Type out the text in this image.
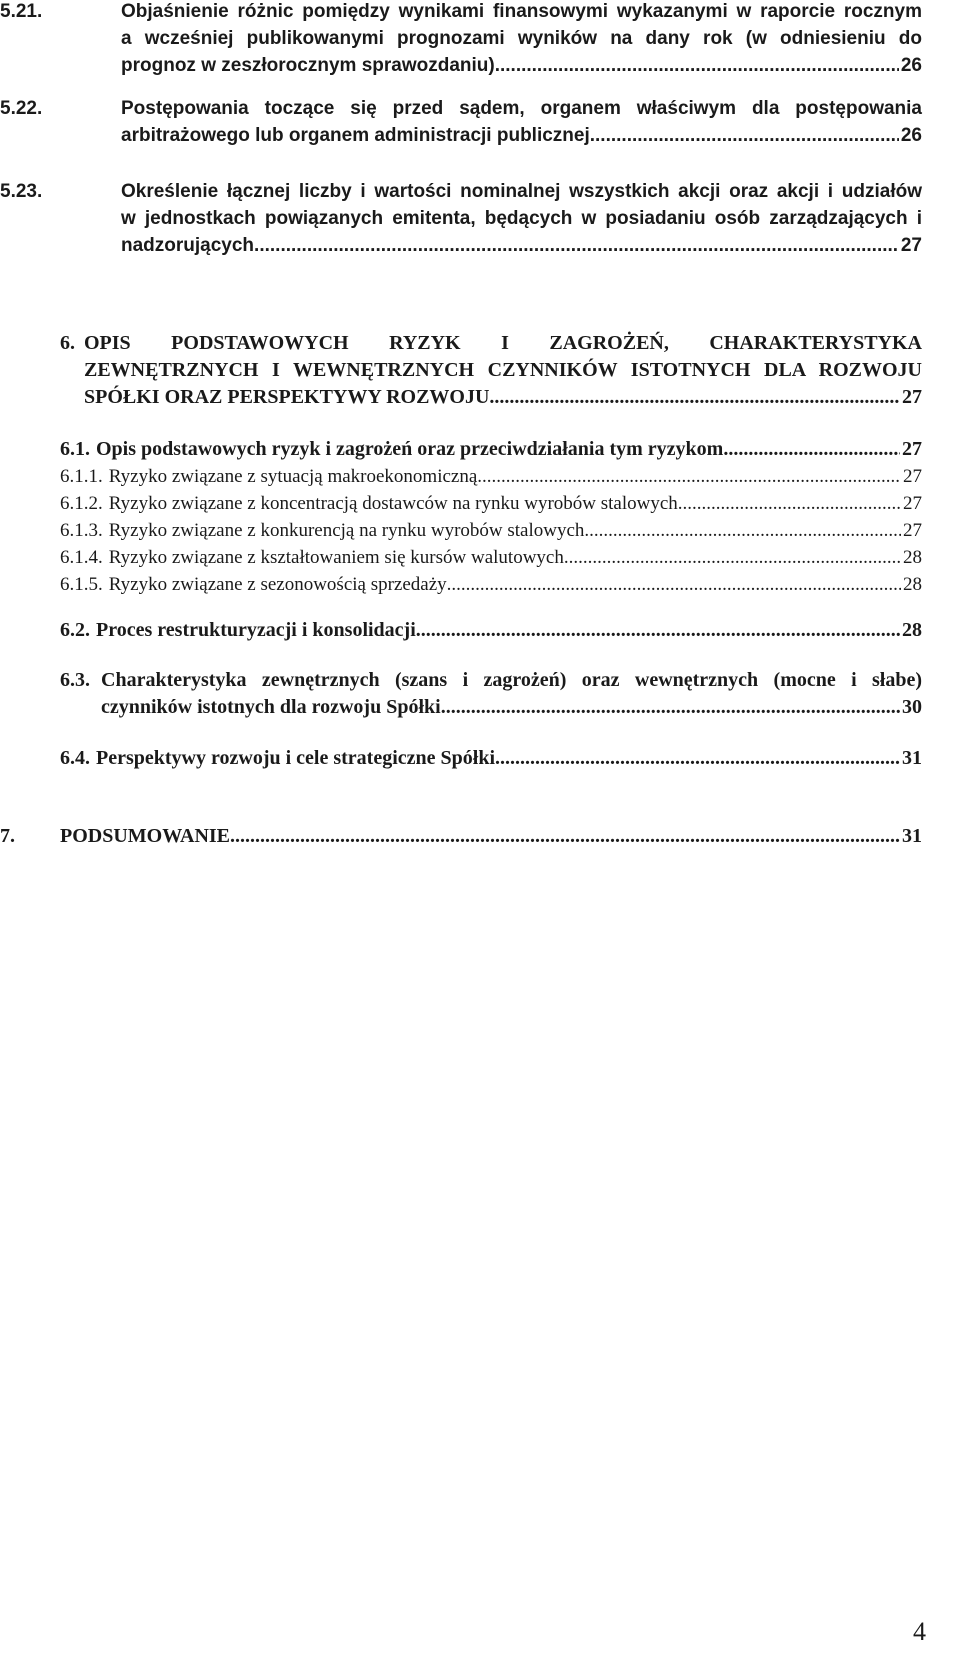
5.21.	Objaśnienie różnic pomiędzy wynikami finansowymi wykazanymi w raporcie rocznym
a wcześniej publikowanymi prognozami wyników na dany rok (w odniesieniu do
prognoz w zeszłorocznym sprawozdaniu) .....	26
5.22.	Postępowania toczące się przed sądem, organem właściwym dla postępowania
arbitrażowego lub organem administracji publicznej .....	26
5.23.	Określenie łącznej liczby i wartości nominalnej wszystkich akcji oraz akcji i udziałów
w jednostkach powiązanych emitenta, będących w posiadaniu osób zarządzających i
nadzorujących .....	27
6. OPIS PODSTAWOWYCH RYZYK I ZAGROŻEŃ, CHARAKTERYSTYKA
ZEWNĘTRZNYCH I WEWNĘTRZNYCH CZYNNIKÓW ISTOTNYCH DLA ROZWOJU
SPÓŁKI ORAZ PERSPEKTYWY ROZWOJU .....	27
6.1. Opis podstawowych ryzyk i zagrożeń oraz przeciwdziałania tym ryzykom .....	27
6.1.1. Ryzyko związane z sytuacją makroekonomiczną .....	27
6.1.2. Ryzyko związane z koncentracją dostawców na rynku wyrobów stalowych .....	27
6.1.3. Ryzyko związane z konkurencją na rynku wyrobów stalowych .....	27
6.1.4. Ryzyko związane z kształtowaniem się kursów walutowych .....	28
6.1.5. Ryzyko związane z sezonowością sprzedaży .....	28
6.2. Proces restrukturyzacji i konsolidacji .....	28
6.3. Charakterystyka zewnętrznych (szans i zagrożeń) oraz wewnętrznych (mocne i słabe)
czynników istotnych dla rozwoju Spółki .....	30
6.4. Perspektywy rozwoju i cele strategiczne Spółki .....	31
7.	PODSUMOWANIE .....	31
4
